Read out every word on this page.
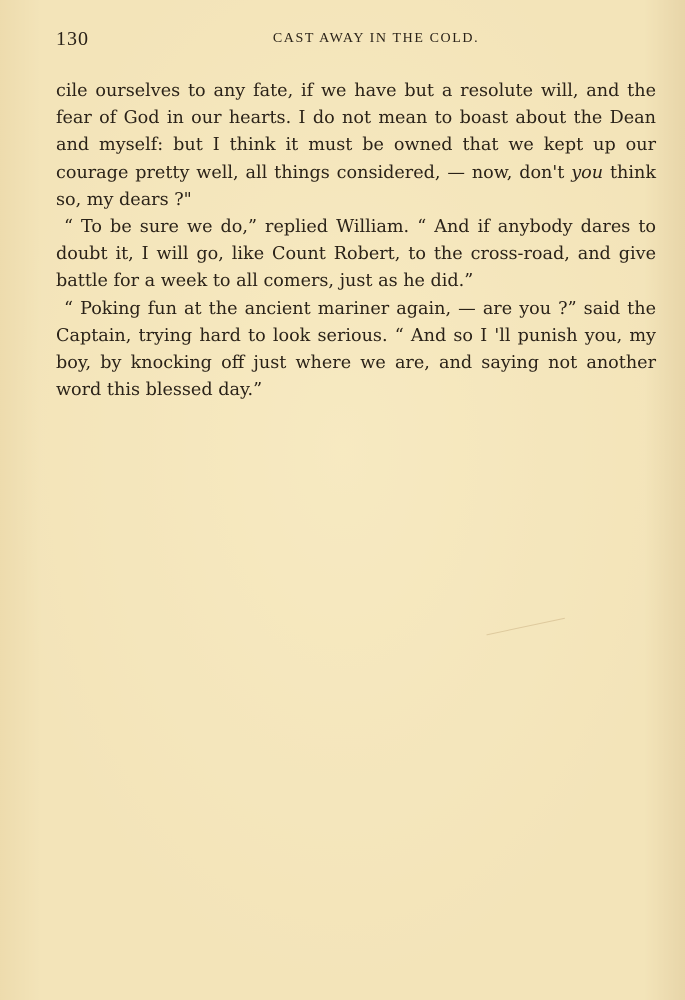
130	CAST AWAY IN THE COLD.

cile ourselves to any fate, if we have but a resolute will, and the fear of God in our hearts. I do not mean to boast about the Dean and myself: but I think it must be owned that we kept up our courage pretty well, all things considered, — now, don't you think so, my dears ?"

“ To be sure we do,” replied William. “ And if anybody dares to doubt it, I will go, like Count Robert, to the cross-road, and give battle for a week to all comers, just as he did.”

“ Poking fun at the ancient mariner again, — are you ?” said the Captain, trying hard to look serious. “ And so I 'll punish you, my boy, by knocking off just where we are, and saying not another word this blessed day.”
